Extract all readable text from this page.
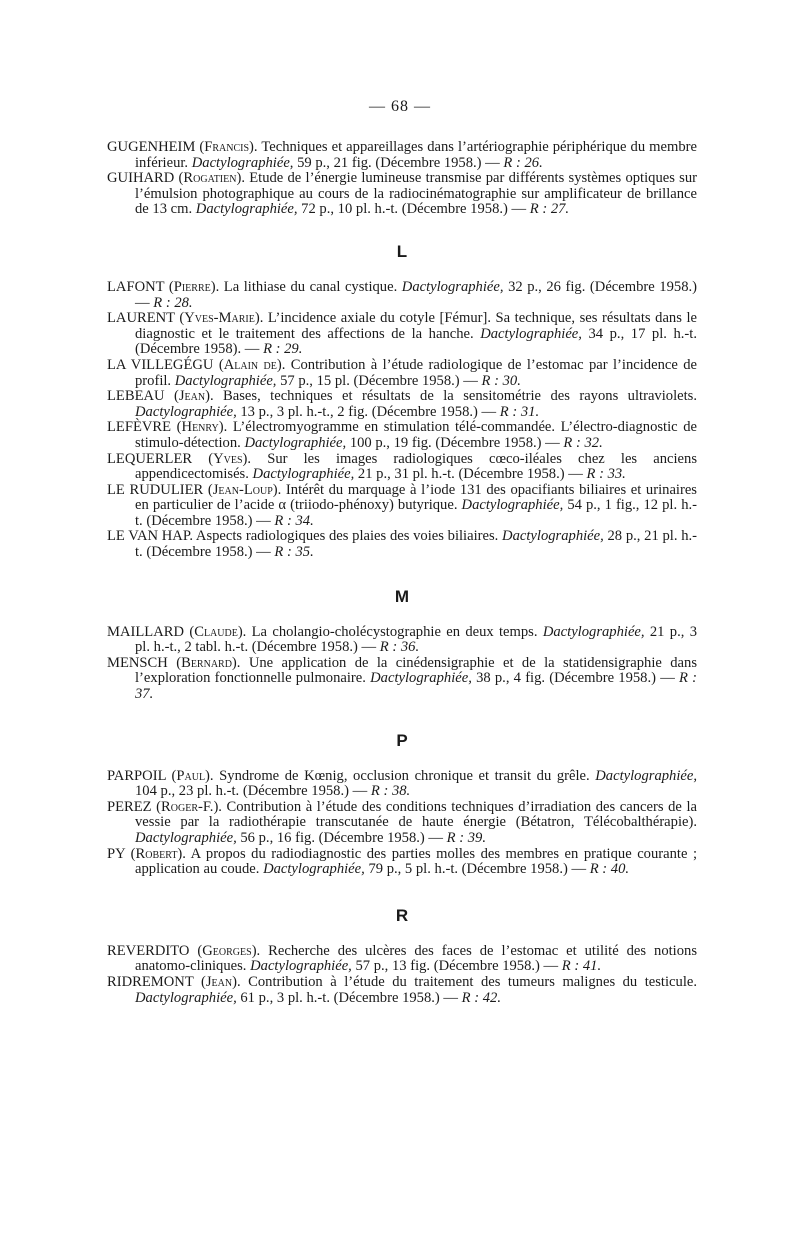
— 68 —

GUGENHEIM (Francis). Techniques et appareillages dans l’artériographie périphérique du membre inférieur. Dactylographiée, 59 p., 21 fig. (Décembre 1958.) — R : 26.

GUIHARD (Rogatien). Etude de l’énergie lumineuse transmise par différents systèmes optiques sur l’émulsion photographique au cours de la radiocinématographie sur amplificateur de brillance de 13 cm. Dactylographiée, 72 p., 10 pl. h.-t. (Décembre 1958.) — R : 27.

L

LAFONT (Pierre). La lithiase du canal cystique. Dactylographiée, 32 p., 26 fig. (Décembre 1958.) — R : 28.

LAURENT (Yves-Marie). L’incidence axiale du cotyle [Fémur]. Sa technique, ses résultats dans le diagnostic et le traitement des affections de la hanche. Dactylographiée, 34 p., 17 pl. h.-t. (Décembre 1958). — R : 29.

LA VILLEGÉGU (Alain de). Contribution à l’étude radiologique de l’estomac par l’incidence de profil. Dactylographiée, 57 p., 15 pl. (Décembre 1958.) — R : 30.

LEBEAU (Jean). Bases, techniques et résultats de la sensitométrie des rayons ultraviolets. Dactylographiée, 13 p., 3 pl. h.-t., 2 fig. (Décembre 1958.) — R : 31.

LEFÈVRE (Henry). L’électromyogramme en stimulation télé-commandée. L’électro-diagnostic de stimulo-détection. Dactylographiée, 100 p., 19 fig. (Décembre 1958.) — R : 32.

LEQUERLER (Yves). Sur les images radiologiques cœco-iléales chez les anciens appendicectomisés. Dactylographiée, 21 p., 31 pl. h.-t. (Décembre 1958.) — R : 33.

LE RUDULIER (Jean-Loup). Intérêt du marquage à l’iode 131 des opacifiants biliaires et urinaires en particulier de l’acide α (triiodo-phénoxy) butyrique. Dactylographiée, 54 p., 1 fig., 12 pl. h.-t. (Décembre 1958.) — R : 34.

LE VAN HAP. Aspects radiologiques des plaies des voies biliaires. Dactylographiée, 28 p., 21 pl. h.-t. (Décembre 1958.) — R : 35.

M

MAILLARD (Claude). La cholangio-cholécystographie en deux temps. Dactylographiée, 21 p., 3 pl. h.-t., 2 tabl. h.-t. (Décembre 1958.) — R : 36.

MENSCH (Bernard). Une application de la cinédensigraphie et de la statidensigraphie dans l’exploration fonctionnelle pulmonaire. Dactylographiée, 38 p., 4 fig. (Décembre 1958.) — R : 37.

P

PARPOIL (Paul). Syndrome de Kœnig, occlusion chronique et transit du grêle. Dactylographiée, 104 p., 23 pl. h.-t. (Décembre 1958.) — R : 38.

PEREZ (Roger-F.). Contribution à l’étude des conditions techniques d’irradiation des cancers de la vessie par la radiothérapie transcutanée de haute énergie (Bétatron, Télécobalthérapie). Dactylographiée, 56 p., 16 fig. (Décembre 1958.) — R : 39.

PY (Robert). A propos du radiodiagnostic des parties molles des membres en pratique courante ; application au coude. Dactylographiée, 79 p., 5 pl. h.-t. (Décembre 1958.) — R : 40.

R

REVERDITO (Georges). Recherche des ulcères des faces de l’estomac et utilité des notions anatomo-cliniques. Dactylographiée, 57 p., 13 fig. (Décembre 1958.) — R : 41.

RIDREMONT (Jean). Contribution à l’étude du traitement des tumeurs malignes du testicule. Dactylographiée, 61 p., 3 pl. h.-t. (Décembre 1958.) — R : 42.
